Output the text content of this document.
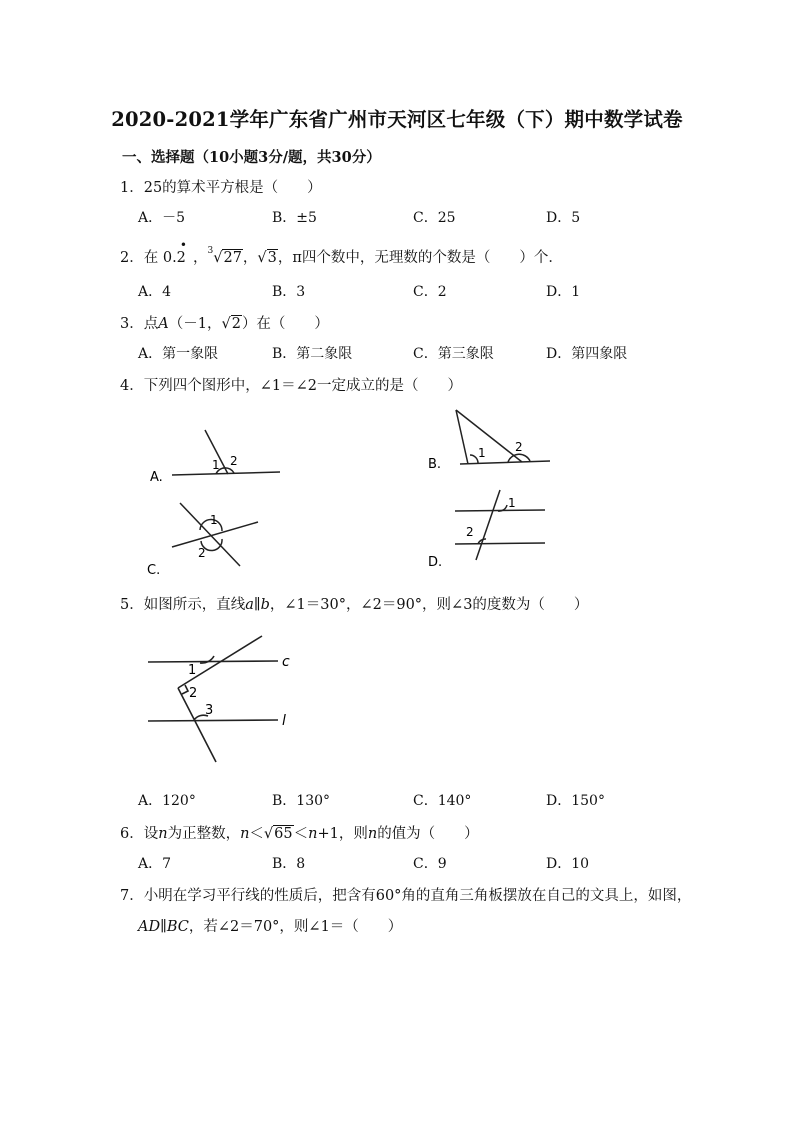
2020-2021学年广东省广州市天河区七年级（下）期中数学试卷
一、选择题（10小题3分/题，共30分）
1．25的算术平方根是（　　）
A．－5	B．±5	C．25	D．5
2．在 0.2•，$^3$√27，√3，π四个数中，无理数的个数是（　　）个．
A．4	B．3	C．2	D．1
3．点A（－1，√2）在（　　）
A．第一象限	B．第二象限	C．第三象限	D．第四象限
4．下列四个图形中，∠1＝∠2一定成立的是（　　）
A.
1 2	B.
1 2
C.
1
2
D.
1
2
5．如图所示，直线a∥b，∠1＝30°，∠2＝90°，则∠3的度数为（　　）
c
l
1
2
3
A．120°	B．130°	C．140°	D．150°
6．设n为正整数，n＜√65＜n+1，则n的值为（　　）
A．7	B．8	C．9	D．10
7．小明在学习平行线的性质后，把含有60°角的直角三角板摆放在自己的文具上，如图，
AD∥BC，若∠2＝70°，则∠1＝（　　）
